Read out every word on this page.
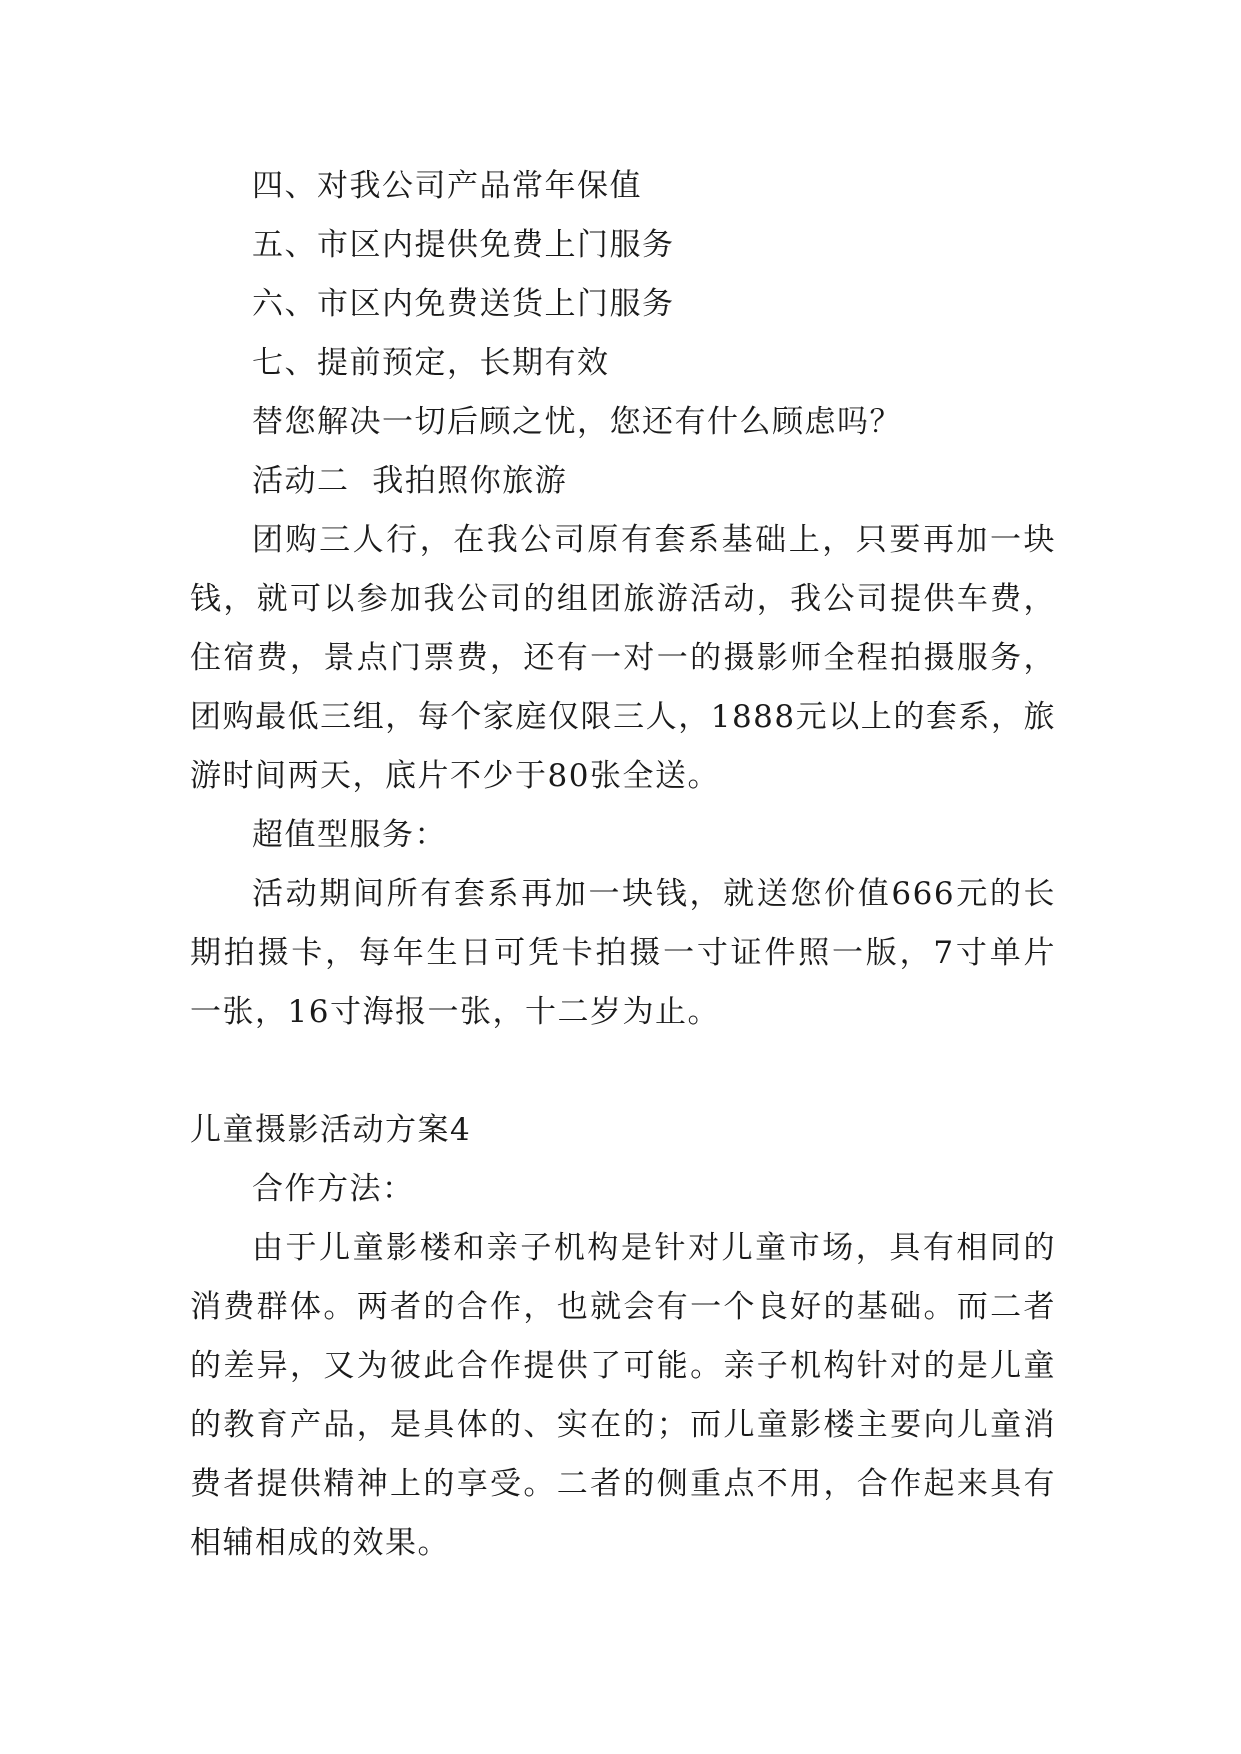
四、对我公司产品常年保值
五、市区内提供免费上门服务
六、市区内免费送货上门服务
七、提前预定，长期有效
替您解决一切后顾之忧，您还有什么顾虑吗？
活动二  我拍照你旅游

团购三人行，在我公司原有套系基础上，只要再加一块钱，就可以参加我公司的组团旅游活动，我公司提供车费，住宿费，景点门票费，还有一对一的摄影师全程拍摄服务，团购最低三组，每个家庭仅限三人，1888元以上的套系，旅游时间两天，底片不少于80张全送。

超值型服务：

活动期间所有套系再加一块钱，就送您价值666元的长期拍摄卡，每年生日可凭卡拍摄一寸证件照一版，7寸单片一张，16寸海报一张，十二岁为止。

儿童摄影活动方案4
合作方法：

由于儿童影楼和亲子机构是针对儿童市场，具有相同的消费群体。两者的合作，也就会有一个良好的基础。而二者的差异，又为彼此合作提供了可能。亲子机构针对的是儿童的教育产品，是具体的、实在的；而儿童影楼主要向儿童消费者提供精神上的享受。二者的侧重点不用，合作起来具有相辅相成的效果。
